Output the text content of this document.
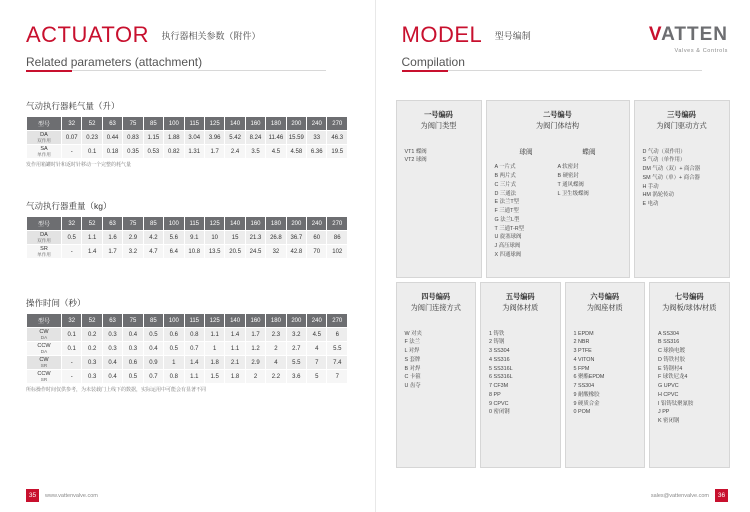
ACTUATOR 执行器相关参数（附件）
Related parameters (attachment)
气动执行器耗气量（升）
型号	32	52	63	75	85	100	115	125	140	160	180	200	240	270
DA
双作用	0.07	0.23	0.44	0.83	1.15	1.88	3.04	3.96	5.42	8.24	11.46	15.59	33	46.3
SA
单作用	-	0.1	0.18	0.35	0.53	0.82	1.31	1.7	2.4	3.5	4.5	4.58	6.36	19.5
发作用箱罐时针和返时针移动一个完整的耗气量
气动执行器重量（kg）
型号	32	52	63	75	85	100	115	125	140	160	180	200	240	270
DA
双作用	0.5	1.1	1.6	2.9	4.2	5.6	9.1	10	15	21.3	26.8	36.7	60	86
SR
单作用	-	1.4	1.7	3.2	4.7	6.4	10.8	13.5	20.5	24.5	32	42.8	70	102
操作时间（秒）
型号	32	52	63	75	85	100	115	125	140	160	180	200	240	270
CW
DA	0.1	0.2	0.3	0.4	0.5	0.6	0.8	1.1	1.4	1.7	2.3	3.2	4.5	6
CCW
DA	0.1	0.2	0.3	0.3	0.4	0.5	0.7	1	1.1	1.2	2	2.7	4	5.5
CW
SR	-	0.3	0.4	0.6	0.9	1	1.4	1.8	2.1	2.9	4	5.5	7	7.4
CCW
SR	-	0.3	0.4	0.5	0.7	0.8	1.1	1.5	1.8	2	2.2	3.6	5	7
所标操作时间仅供参考，为未装载门上线下的数据，实际运用中可能会有显著不同
35	www.vattenvalve.com
MODEL 型号编制
Compilation
VATTEN
Valves & Controls
一号编码
为阀门类型
VT1 蝶阀
VT2 球阀
二号编号
为阀门体结构
球阀
A 一片式
B 两片式
C 三片式
D 三通法
E 法兰T型
F 三通T型
G 法兰L型
T 三通T-R型
U 旋塞球阀
J 高压球阀
X 四通球阀
蝶阀
A 软密封
B 硬密封
T 通风蝶阀
L 卫生级蝶阀
三号编码
为阀门驱动方式
D 气动（双作用）
S 气动（单作用）
DM 气动（双）+ 商合器
SM 气动（单）+ 商合器
H 手动
HM 涡轮传动
E 电动
四号编码
为阀门连接方式
W 对夹
F 法兰
L 对焊
S 套牌
B 对焊
C 卡箍
U 齿夺
五号编码
为阀体材质
1 铸铁
2 铸钢
3 SS304
4 SS316
5 SS316L
6 SS316L
7 CF3M
8 PP
9 CPVC
0 密闭钢
六号编码
为阀座材质
1 EPDM
2 NBR
3 PTFE
4 VITON
5 FPM
6 聚酯EPDM
7 SS304
9 耐酸橡胶
9 硬质合金
0 POM
七号编码
为阀板/球体/材质
A SS304
B SS316
C 球换电镀
D 铸铁衬胶
E 铸钢衬4
F 球铁尼龙4
G UPVC
H CPVC
I 铝铸钛聚氰胺
J PP
K 密闭钢
sales@vattenvalve.com	36
